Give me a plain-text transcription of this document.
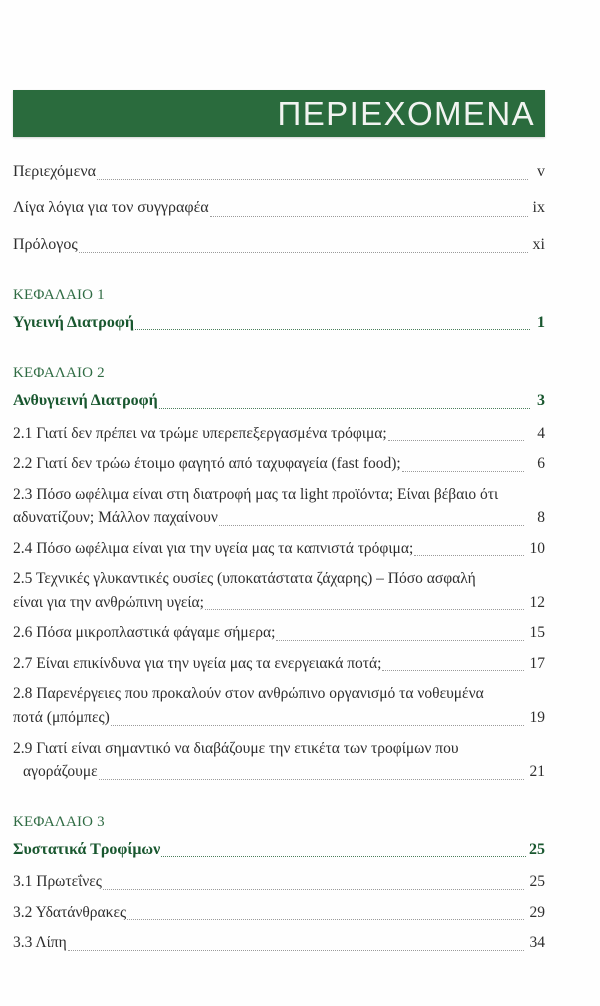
ΠΕΡΙΕΧΟΜΕΝΑ
Περιεχόμενα	v
Λίγα λόγια για τον συγγραφέα	ix
Πρόλογος	xi
ΚΕΦΑΛΑΙΟ 1
Υγιεινή Διατροφή	1
ΚΕΦΑΛΑΙΟ 2
Ανθυγιεινή Διατροφή	3
2.1 Γιατί δεν πρέπει να τρώμε υπερεπεξεργασμένα τρόφιμα;	4
2.2 Γιατί δεν τρώω έτοιμο φαγητό από ταχυφαγεία (fast food);	6
2.3 Πόσο ωφέλιμα είναι στη διατροφή μας τα light προϊόντα; Είναι βέβαιο ότι
αδυνατίζουν; Μάλλον παχαίνουν	8
2.4 Πόσο ωφέλιμα είναι για την υγεία μας τα καπνιστά τρόφιμα;	10
2.5 Τεχνικές γλυκαντικές ουσίες (υποκατάστατα ζάχαρης) – Πόσο ασφαλή
είναι για την ανθρώπινη υγεία;	12
2.6 Πόσα μικροπλαστικά φάγαμε σήμερα;	15
2.7 Είναι επικίνδυνα για την υγεία μας τα ενεργειακά ποτά;	17
2.8 Παρενέργειες που προκαλούν στον ανθρώπινο οργανισμό τα νοθευμένα
ποτά (μπόμπες)	19
2.9 Γιατί είναι σημαντικό να διαβάζουμε την ετικέτα των τροφίμων που
αγοράζουμε	21
ΚΕΦΑΛΑΙΟ 3
Συστατικά Τροφίμων	25
3.1 Πρωτεΐνες	25
3.2 Υδατάνθρακες	29
3.3 Λίπη	34
